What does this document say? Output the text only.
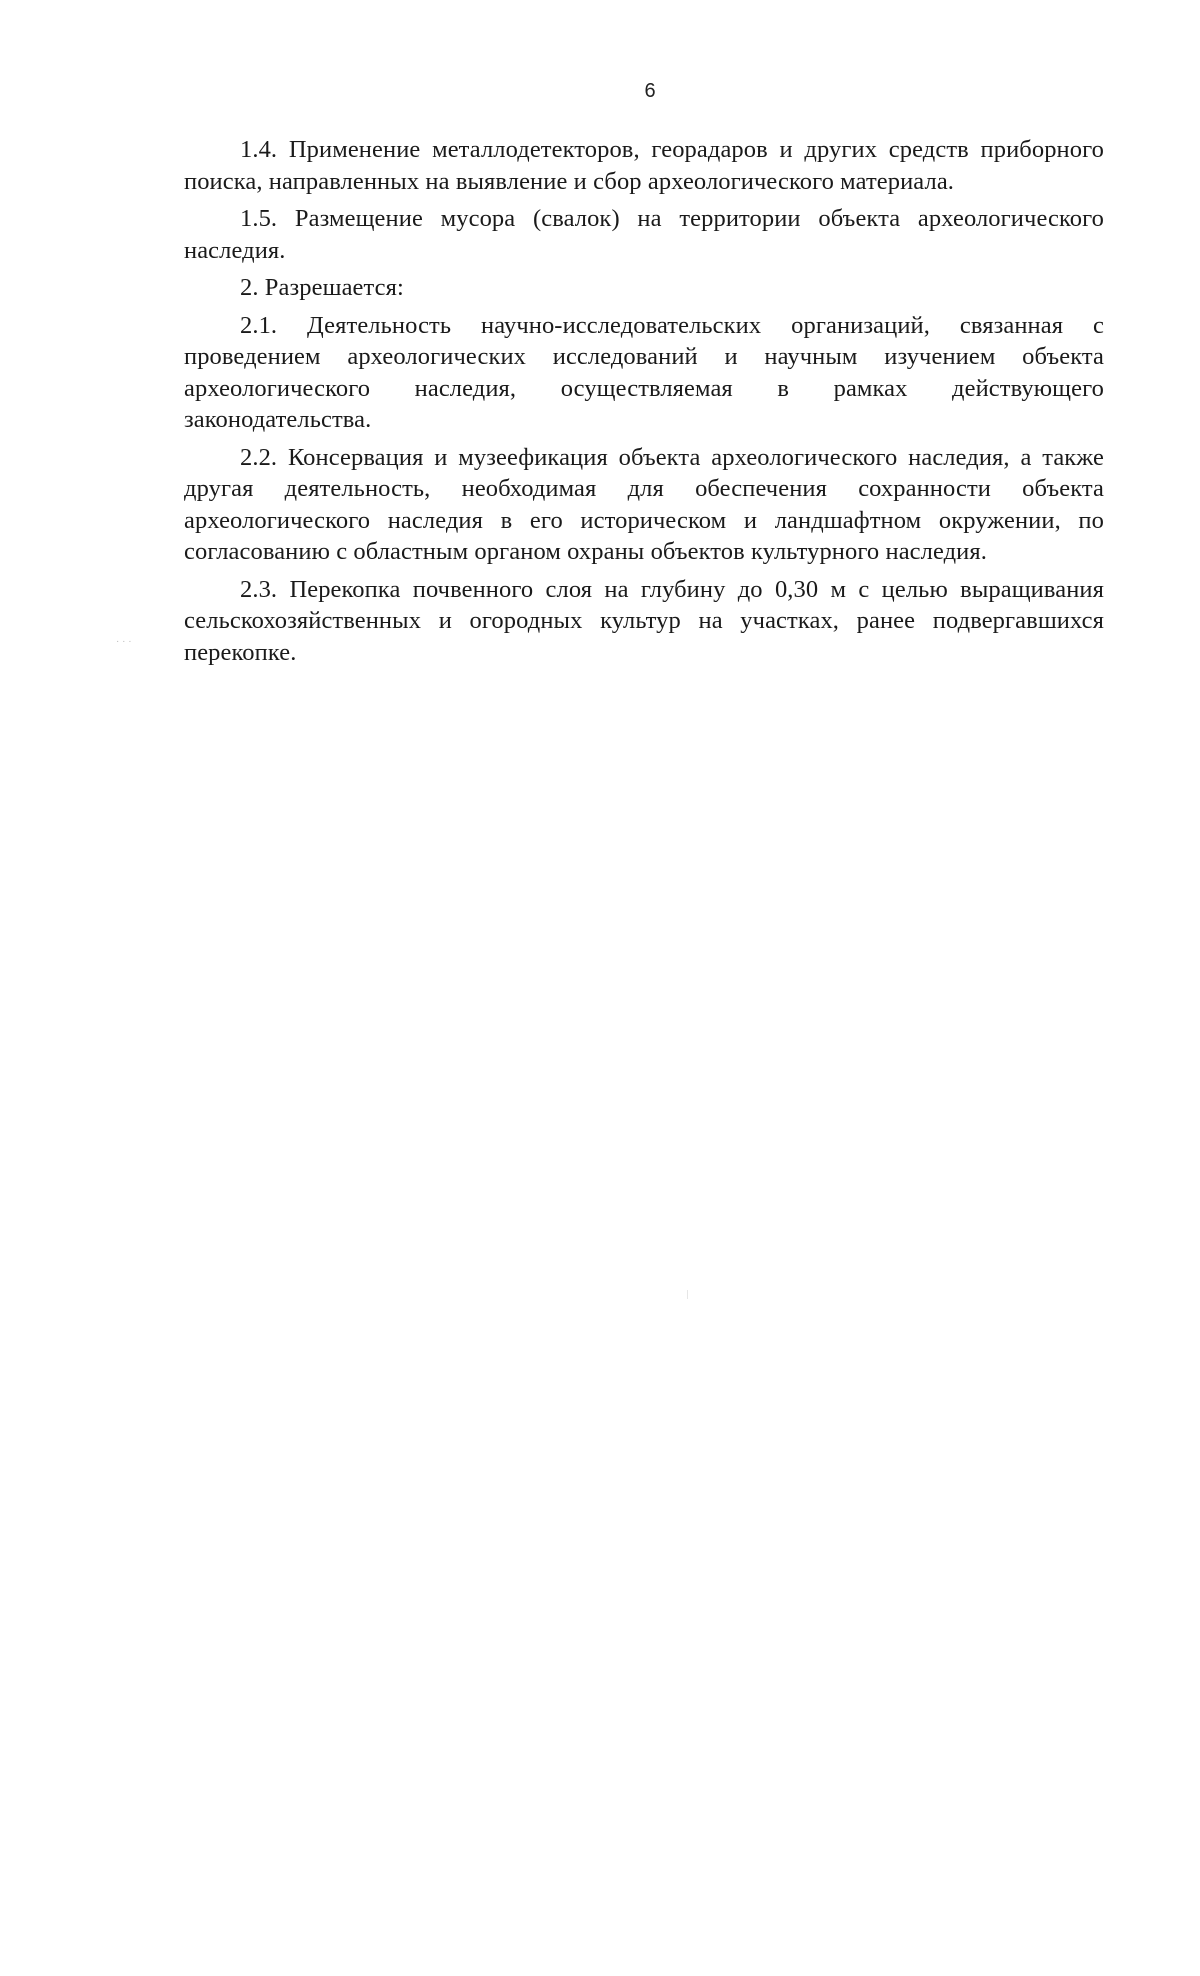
6
· · ·

1.4. Применение металлодетекторов, георадаров и других средств приборного поиска, направленных на выявление и сбор археологического материала.

1.5. Размещение мусора (свалок) на территории объекта археологического наследия.

2. Разрешается:

2.1. Деятельность научно-исследовательских организаций, связанная с проведением археологических исследований и научным изучением объекта археологического наследия, осуществляемая в рамках действующего законодательства.

2.2. Консервация и музеефикация объекта археологического наследия, а также другая деятельность, необходимая для обеспечения сохранности объекта археологического наследия в его историческом и ландшафтном окружении, по согласованию с областным органом охраны объектов культурного наследия.

2.3. Перекопка почвенного слоя на глубину до 0,30 м с целью выращивания сельскохозяйственных и огородных культур на участках, ранее подвергавшихся перекопке.
